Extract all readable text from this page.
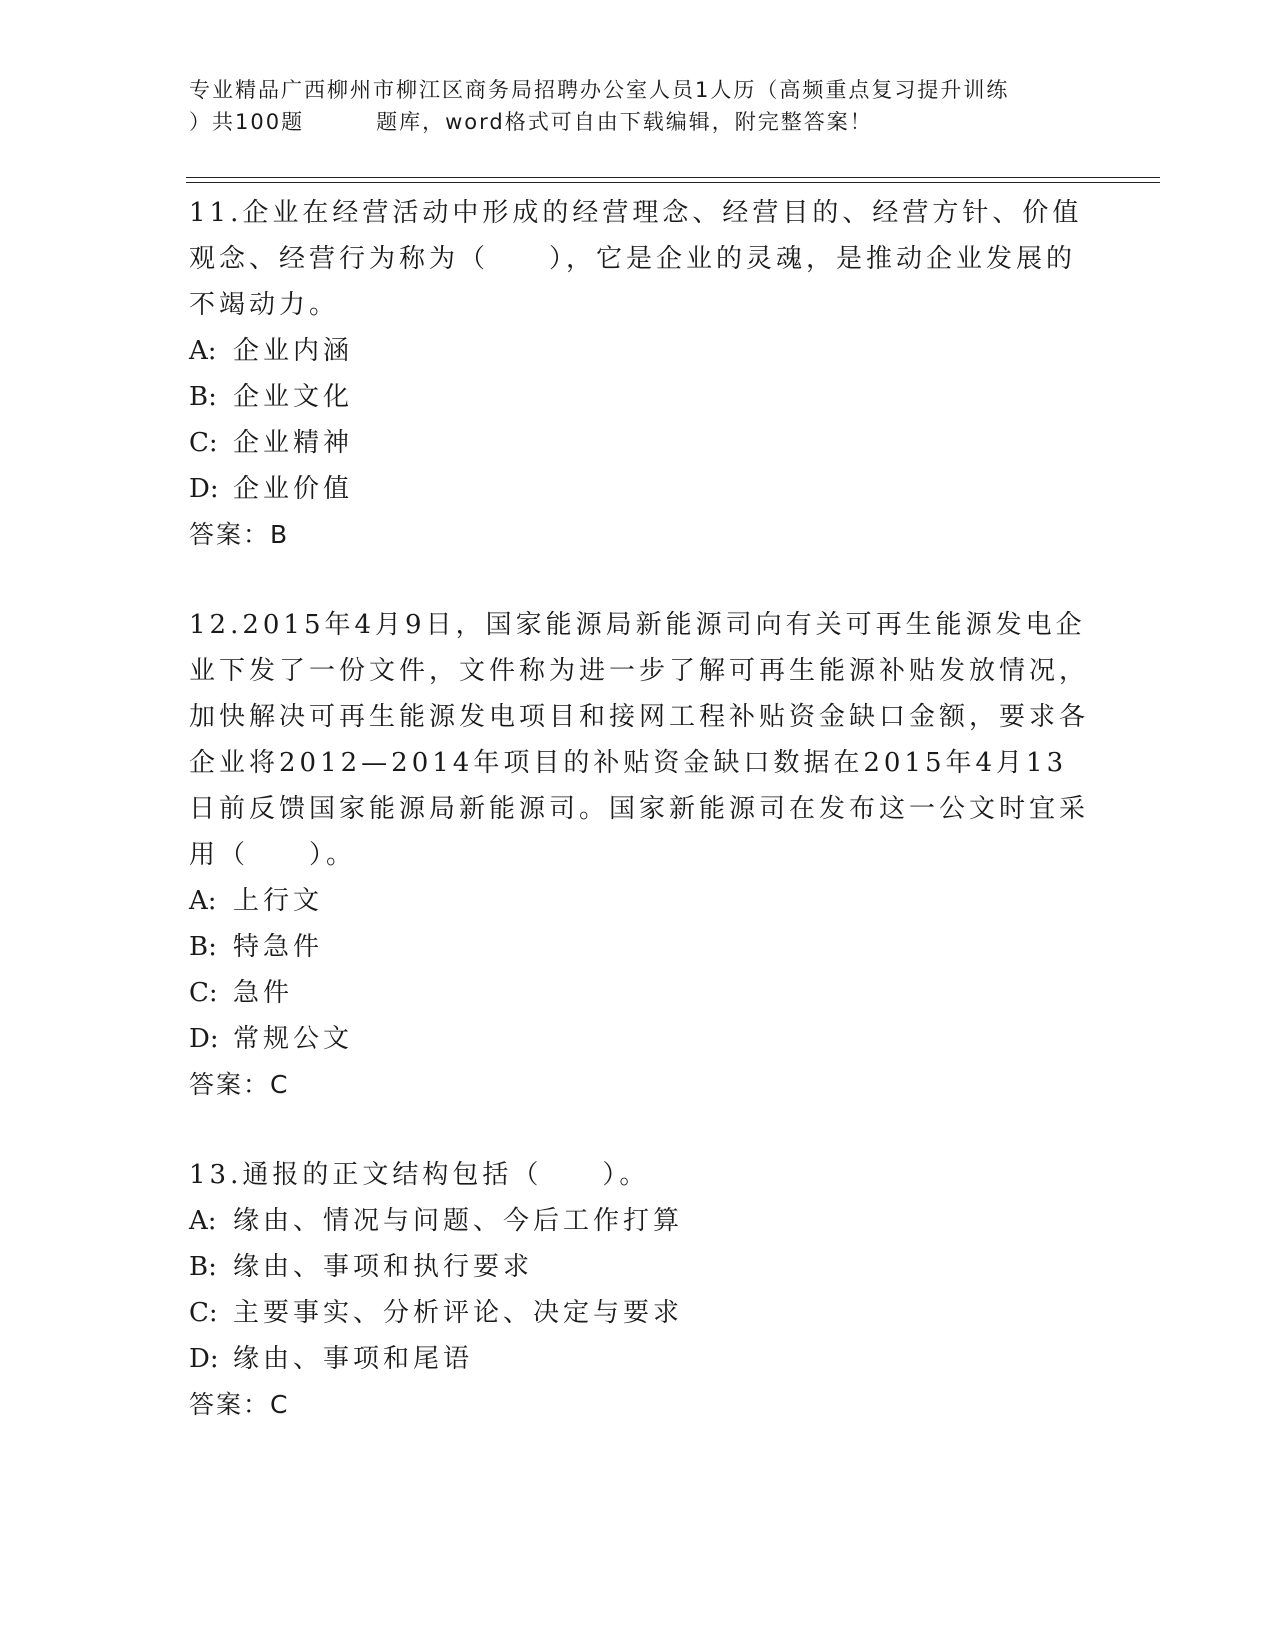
专业精品广西柳州市柳江区商务局招聘办公室人员1人历（高频重点复习提升训练
）共100题	题库，word格式可自由下载编辑，附完整答案！

11.企业在经营活动中形成的经营理念、经营目的、经营方针、价值观念、经营行为称为（　　），它是企业的灵魂，是推动企业发展的不竭动力。

A: 企业内涵

B: 企业文化

C: 企业精神

D: 企业价值

答案：B

12.2015年4月9日，国家能源局新能源司向有关可再生能源发电企业下发了一份文件，文件称为进一步了解可再生能源补贴发放情况，加快解决可再生能源发电项目和接网工程补贴资金缺口金额，要求各企业将2012—2014年项目的补贴资金缺口数据在2015年4月13日前反馈国家能源局新能源司。国家新能源司在发布这一公文时宜采用（　　）。

A: 上行文

B: 特急件

C: 急件

D: 常规公文

答案：C

13.通报的正文结构包括（　　）。

A: 缘由、情况与问题、今后工作打算

B: 缘由、事项和执行要求

C: 主要事实、分析评论、决定与要求

D: 缘由、事项和尾语

答案：C
